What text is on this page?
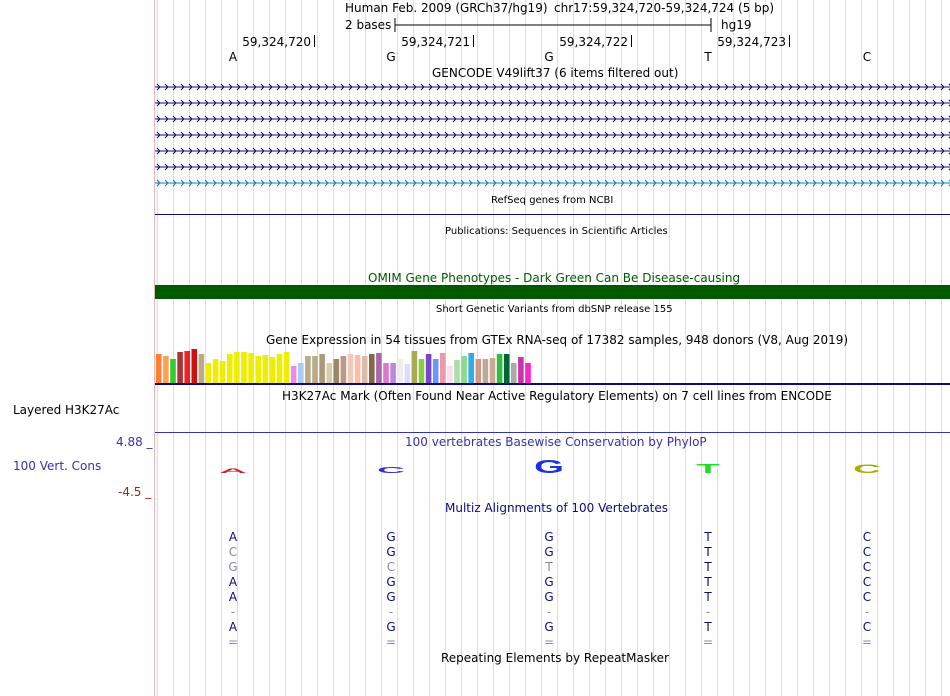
Layered H3K27Ac
4.88 _
100 Vert. Cons
-4.5 _
Human Feb. 2009 (GRCh37/hg19) chr17:59,324,720-59,324,724 (5 bp)
2 bases	hg19
59,324,720	59,324,721	59,324,722	59,324,723
A	G	G	T	C
GENCODE V49lift37 (6 items filtered out)
RefSeq genes from NCBI
Publications: Sequences in Scientific Articles
OMIM Gene Phenotypes - Dark Green Can Be Disease-causing
Short Genetic Variants from dbSNP release 155
Gene Expression in 54 tissues from GTEx RNA-seq of 17382 samples, 948 donors (V8, Aug 2019)
H3K27Ac Mark (Often Found Near Active Regulatory Elements) on 7 cell lines from ENCODE
100 vertebrates Basewise Conservation by PhyloP
A	C	G	T	C
Multiz Alignments of 100 Vertebrates
A	G	G	T	C
C	G	G	T	C
G	C	T	T	C
A	G	G	T	C
A	G	G	T	C
-	-	-	-	-
A	G	G	T	C
=	=	=	=	=
Repeating Elements by RepeatMasker
